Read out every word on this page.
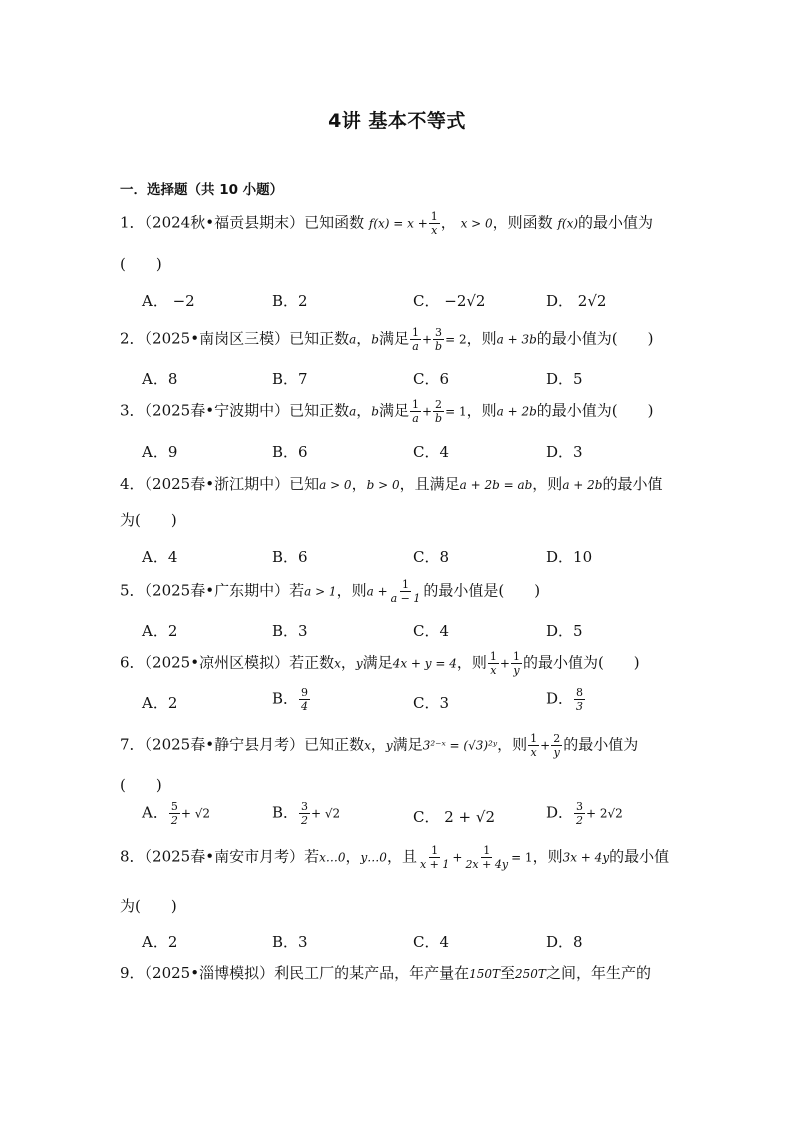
4讲 基本不等式
一．选择题（共 10 小题）
1．（2024秋•福贡县期末）已知函数 $f(x) = x + \frac{1}{x}$ ， x > 0，则函数 f(x)的最小值为
(　　)
A． −2	B．2	C． −2√2	D． 2√2
2．（2025•南岗区三模）已知正数a，b满足 $\frac{1}{a} + \frac{3}{b} = 2$，则a + 3b的最小值为(　　)
A．8	B．7	C．6	D．5
3．（2025春•宁波期中）已知正数a，b满足 $\frac{1}{a} + \frac{2}{b} = 1$，则a + 2b的最小值为(　　)
A．9	B．6	C．4	D．3
4．（2025春•浙江期中）已知a > 0，b > 0，且满足a + 2b = ab，则a + 2b的最小值
为(　　)
A．4	B．6	C．8	D．10
5．（2025春•广东期中）若a > 1，则$a + \frac{1}{a - 1}$ 的最小值是(　　)
A．2	B．3	C．4	D．5
6．（2025•凉州区模拟）若正数x，y满足4x + y = 4，则 $\frac{1}{x} + \frac{1}{y}$ 的最小值为(　　)
A．2	B． $\frac{9}{4}$	C．3	D． $\frac{8}{3}$
7．（2025春•静宁县月考）已知正数x，y满足3²⁻ˣ = (√3)²ʸ，则 $\frac{1}{x} + \frac{2}{y}$ 的最小值为
(　　)
A． $\frac{5}{2} + √2$	B． $\frac{3}{2} + √2$	C． 2 + √2	D． $\frac{3}{2} + 2√2$
8．（2025春•南安市月考）若x…0，y…0，且 $\frac{1}{x + 1} + \frac{1}{2x + 4y} = 1$，则3x + 4y的最小值
为(　　)
A．2	B．3	C．4	D．8
9．（2025•淄博模拟）利民工厂的某产品，年产量在150T至250T之间，年生产的
